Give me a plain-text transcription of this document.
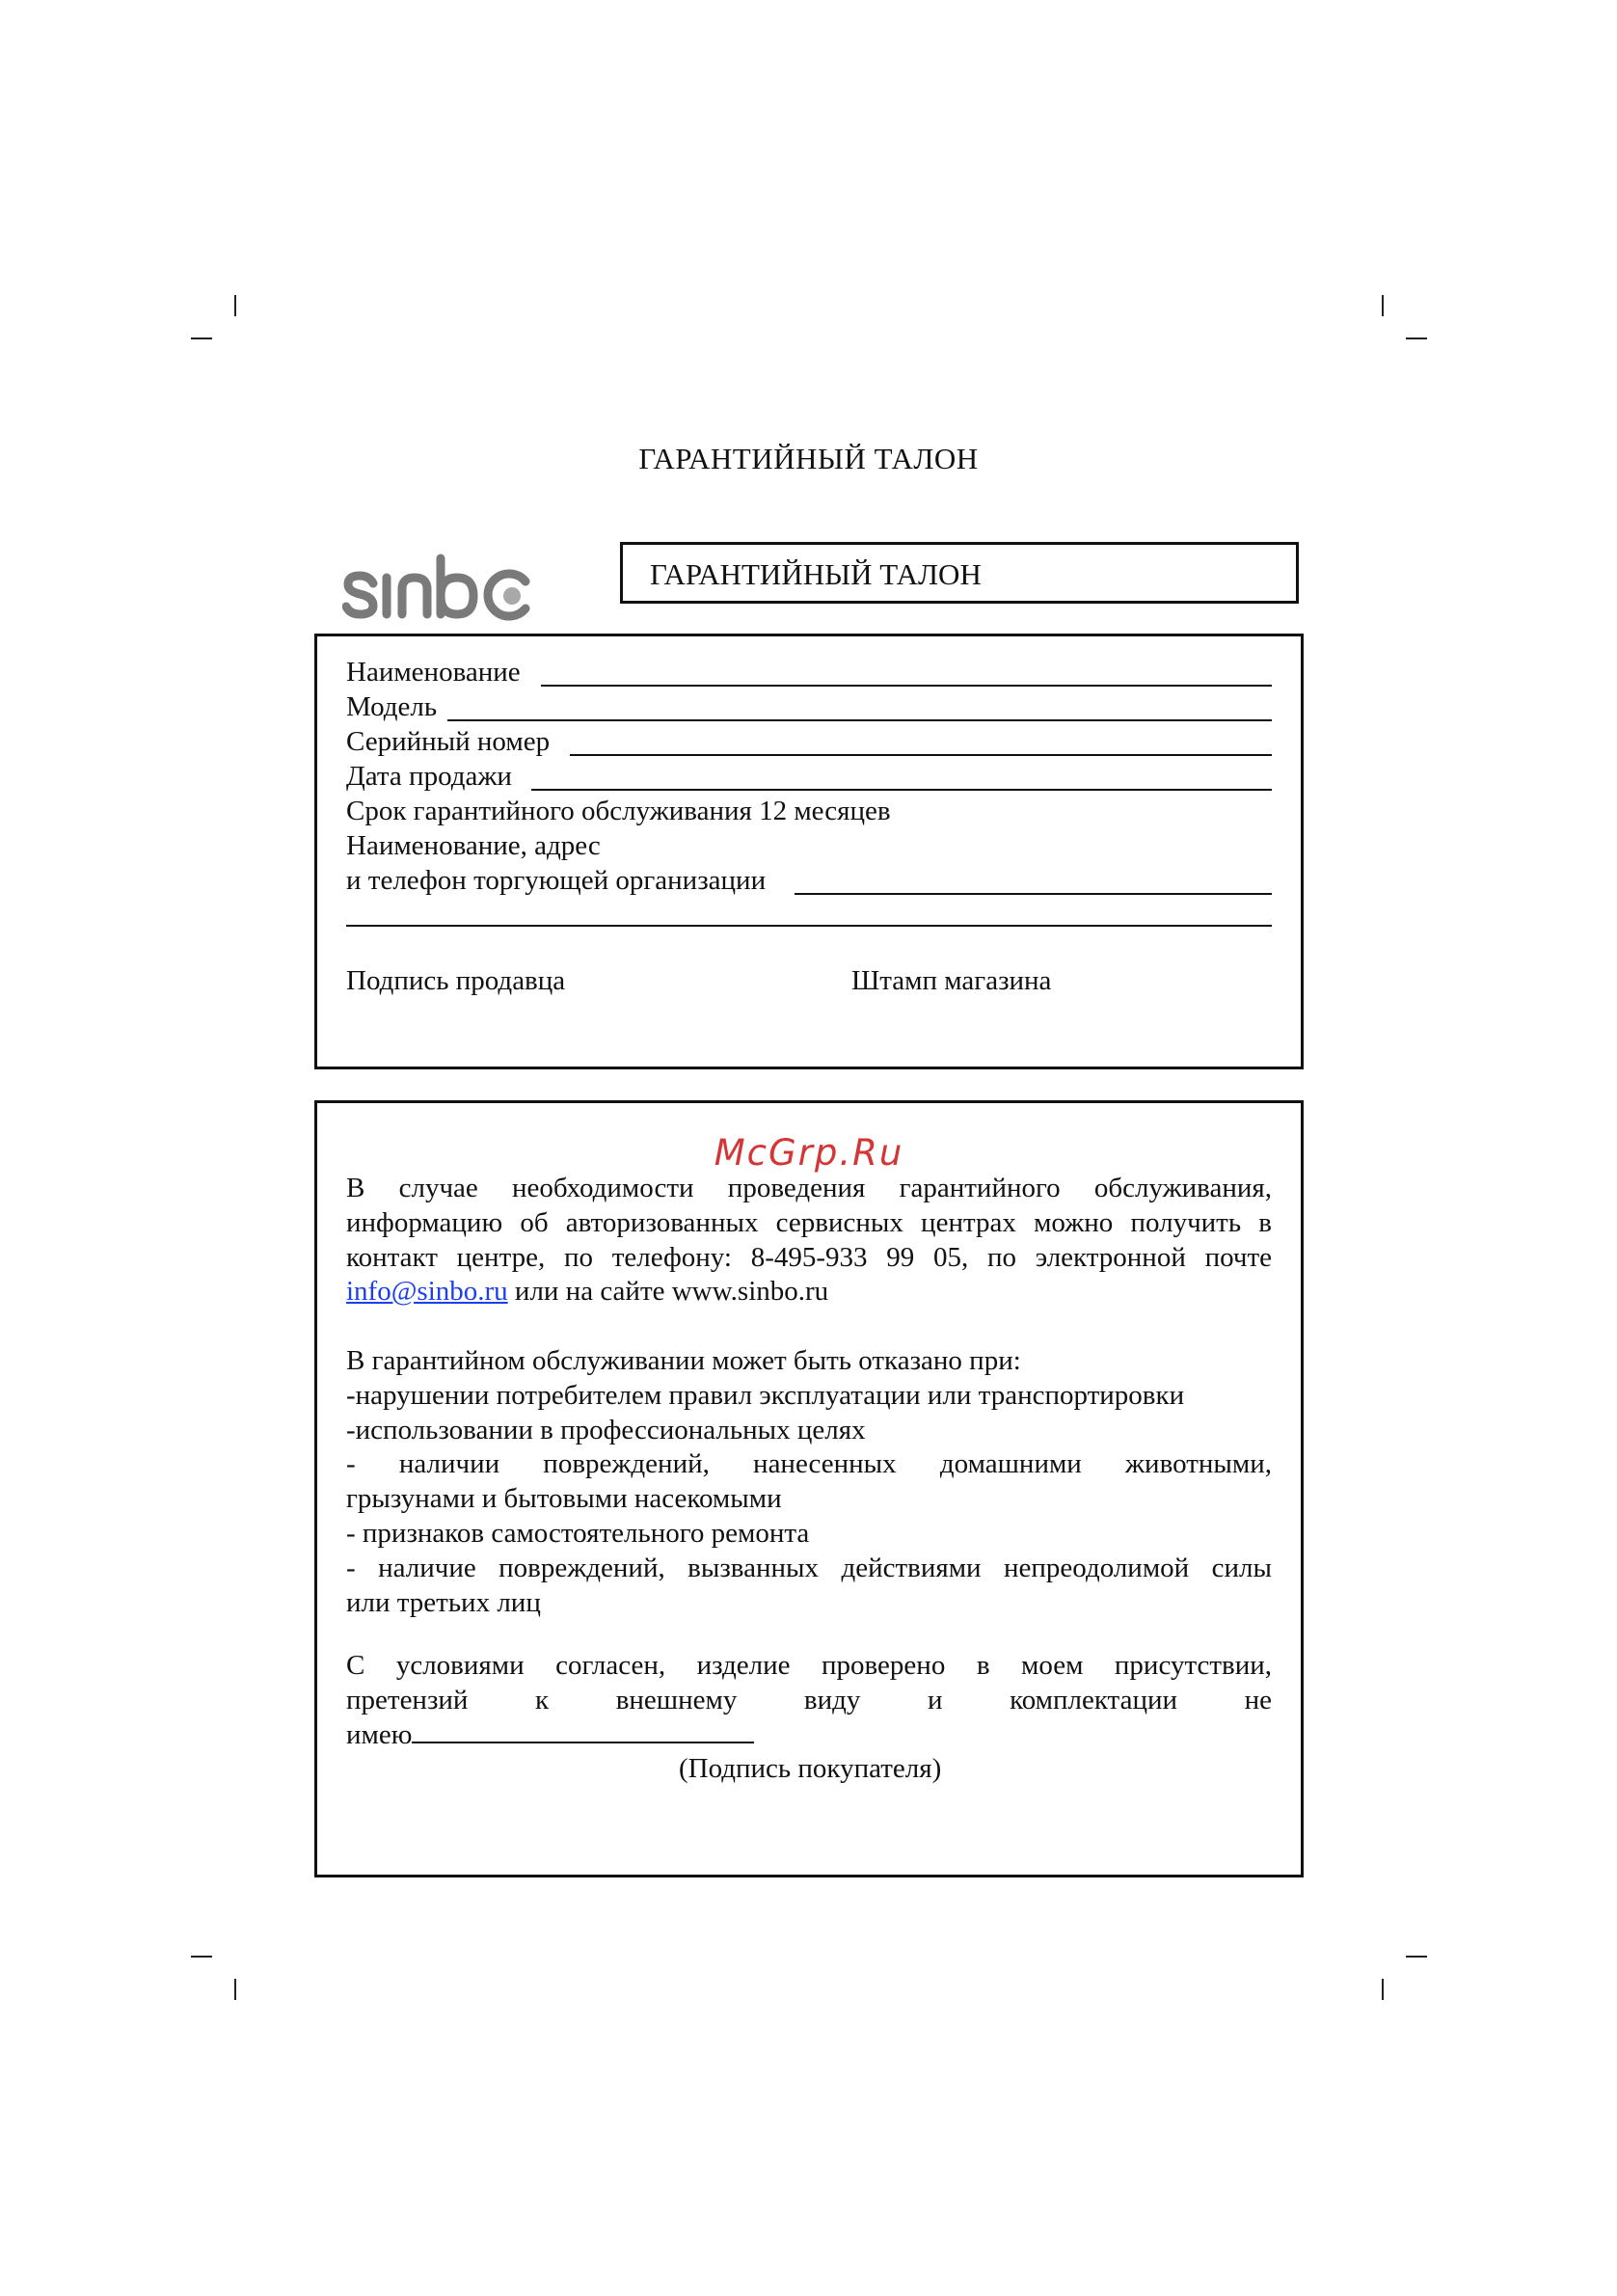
ГАРАНТИЙНЫЙ ТАЛОН
ГАРАНТИЙНЫЙ ТАЛОН
Наименование
Модель
Серийный номер
Дата продажи
Срок гарантийного обслуживания 12 месяцев
Наименование, адрес
и телефон торгующей организации
Подпись продавца	Штамп магазина
McGrp.Ru
В случае необходимости проведения гарантийного обслуживания,
информацию об авторизованных сервисных центрах можно получить в
контакт центре, по телефону: 8-495-933 99 05, по электронной почте
info@sinbo.ru или на сайте www.sinbo.ru
В гарантийном обслуживании может быть отказано при:
-нарушении потребителем правил эксплуатации или транспортировки
-использовании в профессиональных целях
- наличии повреждений, нанесенных домашними животными,
грызунами и бытовыми насекомыми
- признаков самостоятельного ремонта
- наличие повреждений, вызванных действиями непреодолимой силы
или третьих лиц
С условиями согласен, изделие проверено в моем присутствии,
претензий к внешнему виду и комплектации не
имею
(Подпись покупателя)
